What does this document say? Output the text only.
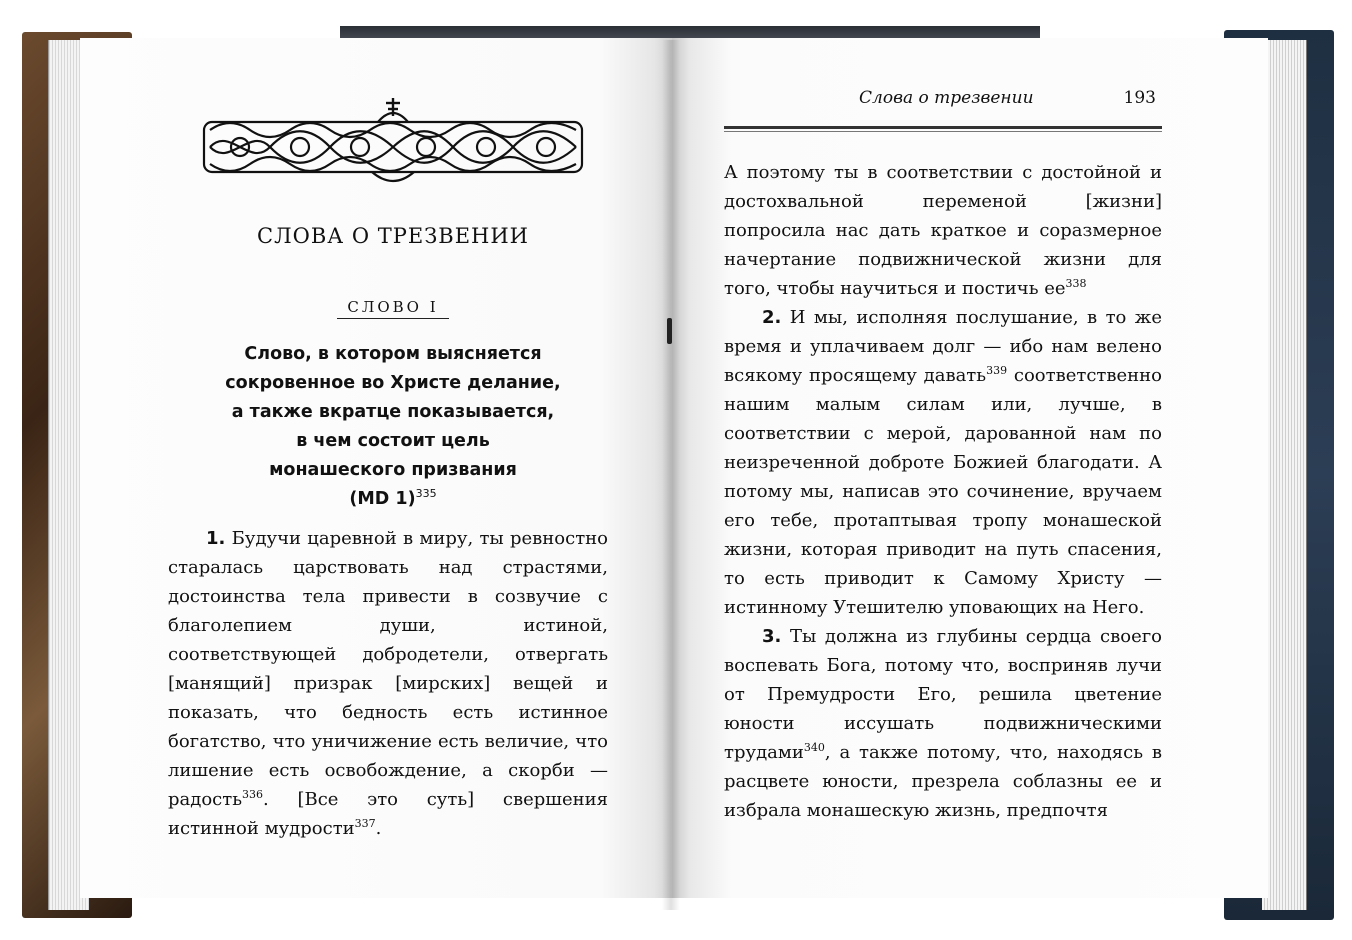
СЛОВА О ТРЕЗВЕНИИ
СЛОВО I
Слово, в котором выясняется
сокровенное во Христе делание,
а также вкратце показывается,
в чем состоит цель
монашеского призвания
(MD 1)$^{335}$

1. Будучи царевной в миру, ты ревностно старалась царствовать над страстями, достоинства тела привести в созвучие с благолепием души, истиной, соответствующей добродетели, отвергать [манящий] призрак [мирских] вещей и показать, что бедность есть истинное богатство, что уничижение есть величие, что лишение есть освобождение, а скорби — радость$^{336}$. [Все это суть] свершения истинной мудрости$^{337}$.

Слова о трезвении	193

А поэтому ты в соответствии с достойной и достохвальной переменой [жизни] попросила нас дать краткое и соразмерное начертание подвижнической жизни для того, чтобы научиться и постичь $ее^{338}$

2. И мы, исполняя послушание, в то же время и уплачиваем долг — ибо нам велено всякому просящему давать$^{339}$ соответственно нашим малым силам или, лучше, в соответствии с мерой, дарованной нам по неизреченной доброте Божией благодати. А потому мы, написав это сочинение, вручаем его тебе, протаптывая тропу монашеской жизни, которая приводит на путь спасения, то есть приводит к Самому Христу — истинному Утешителю уповающих на Него.

3. Ты должна из глубины сердца своего воспевать Бога, потому что, восприняв лучи от Премудрости Его, решила цветение юности иссушать подвижническими трудами$^{340}$, а также потому, что, находясь в расцвете юности, презрела соблазны ее и избрала монашескую жизнь, предпочтя
